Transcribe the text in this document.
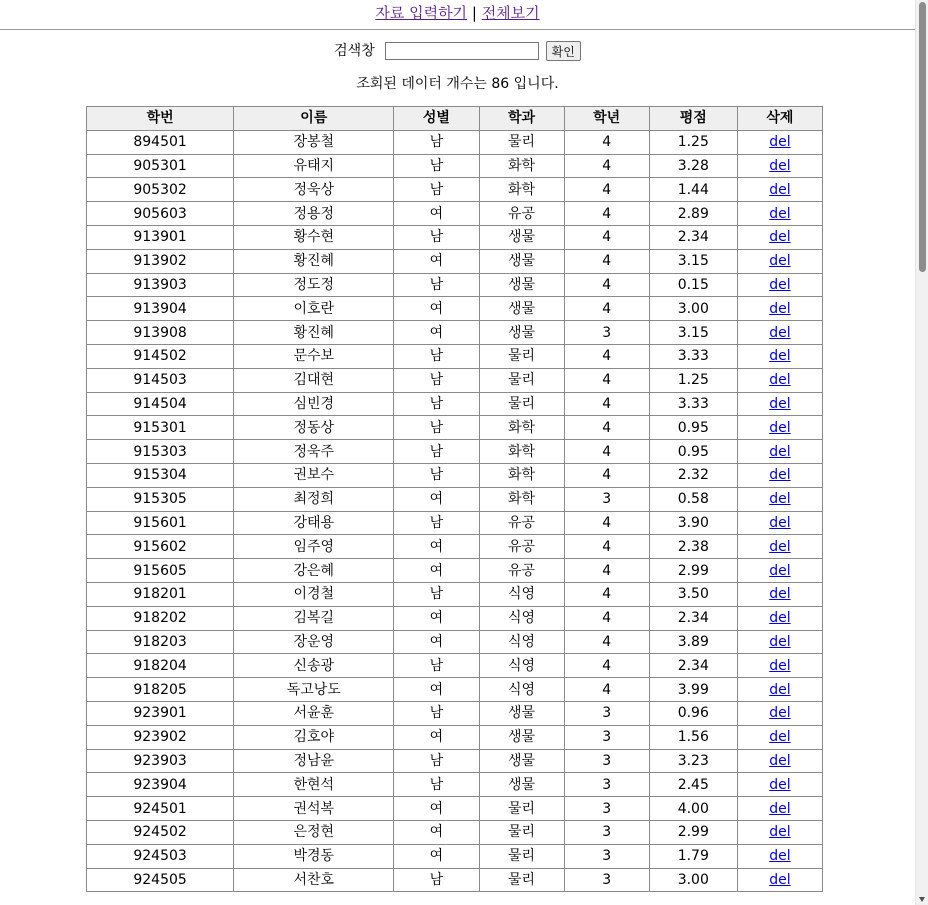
자료 입력하기 | 전체보기
검색창	확인
조회된 데이터 개수는 86 입니다.
학번	이름	성별	학과	학년	평점	삭제
894501	장봉철	남	물리	4	1.25	del
905301	유태지	남	화학	4	3.28	del
905302	정욱상	남	화학	4	1.44	del
905603	정용정	여	유공	4	2.89	del
913901	황수현	남	생물	4	2.34	del
913902	황진혜	여	생물	4	3.15	del
913903	정도정	남	생물	4	0.15	del
913904	이호란	여	생물	4	3.00	del
913908	황진혜	여	생물	3	3.15	del
914502	문수보	남	물리	4	3.33	del
914503	김대현	남	물리	4	1.25	del
914504	심빈경	남	물리	4	3.33	del
915301	정동상	남	화학	4	0.95	del
915303	정욱주	남	화학	4	0.95	del
915304	권보수	남	화학	4	2.32	del
915305	최정희	여	화학	3	0.58	del
915601	강태용	남	유공	4	3.90	del
915602	임주영	여	유공	4	2.38	del
915605	강은혜	여	유공	4	2.99	del
918201	이경철	남	식영	4	3.50	del
918202	김복길	여	식영	4	2.34	del
918203	장운영	여	식영	4	3.89	del
918204	신송광	남	식영	4	2.34	del
918205	독고낭도	여	식영	4	3.99	del
923901	서윤훈	남	생물	3	0.96	del
923902	김호야	여	생물	3	1.56	del
923903	정남윤	남	생물	3	3.23	del
923904	한현석	남	생물	3	2.45	del
924501	권석복	여	물리	3	4.00	del
924502	은정현	여	물리	3	2.99	del
924503	박경동	여	물리	3	1.79	del
924505	서찬호	남	물리	3	3.00	del
